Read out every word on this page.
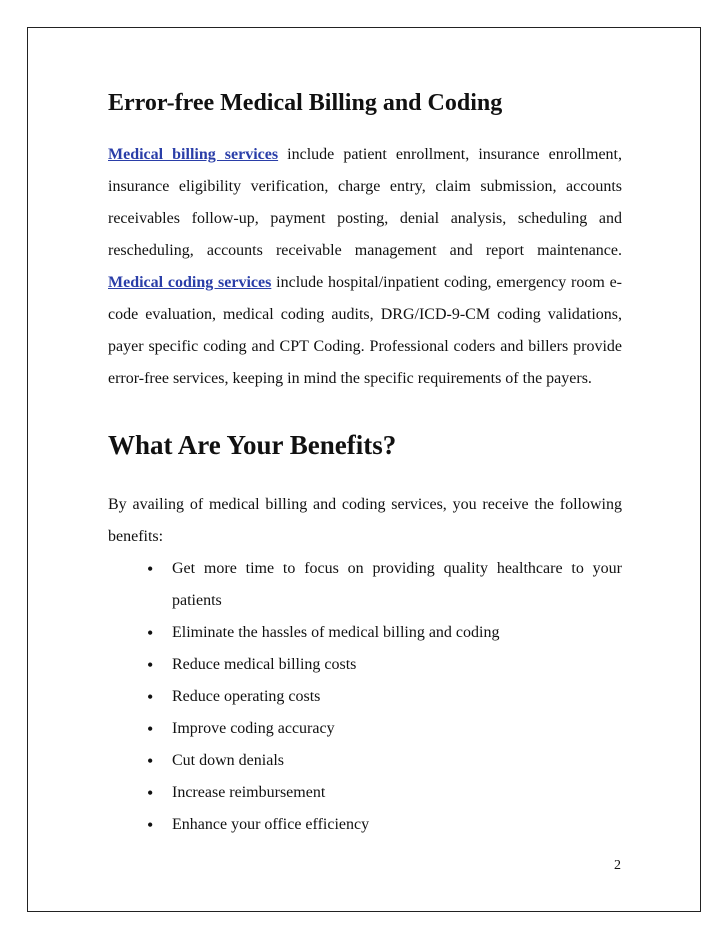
Error-free Medical Billing and Coding

Medical billing services include patient enrollment, insurance enrollment, insurance eligibility verification, charge entry, claim submission, accounts receivables follow-up, payment posting, denial analysis, scheduling and rescheduling, accounts receivable management and report maintenance. Medical coding services include hospital/inpatient coding, emergency room e-code evaluation, medical coding audits, DRG/ICD-9-CM coding validations, payer specific coding and CPT Coding. Professional coders and billers provide error-free services, keeping in mind the specific requirements of the payers.

What Are Your Benefits?

By availing of medical billing and coding services, you receive the following benefits:

• Get more time to focus on providing quality healthcare to your patients
• Eliminate the hassles of medical billing and coding
• Reduce medical billing costs
• Reduce operating costs
• Improve coding accuracy
• Cut down denials
• Increase reimbursement
• Enhance your office efficiency
2
